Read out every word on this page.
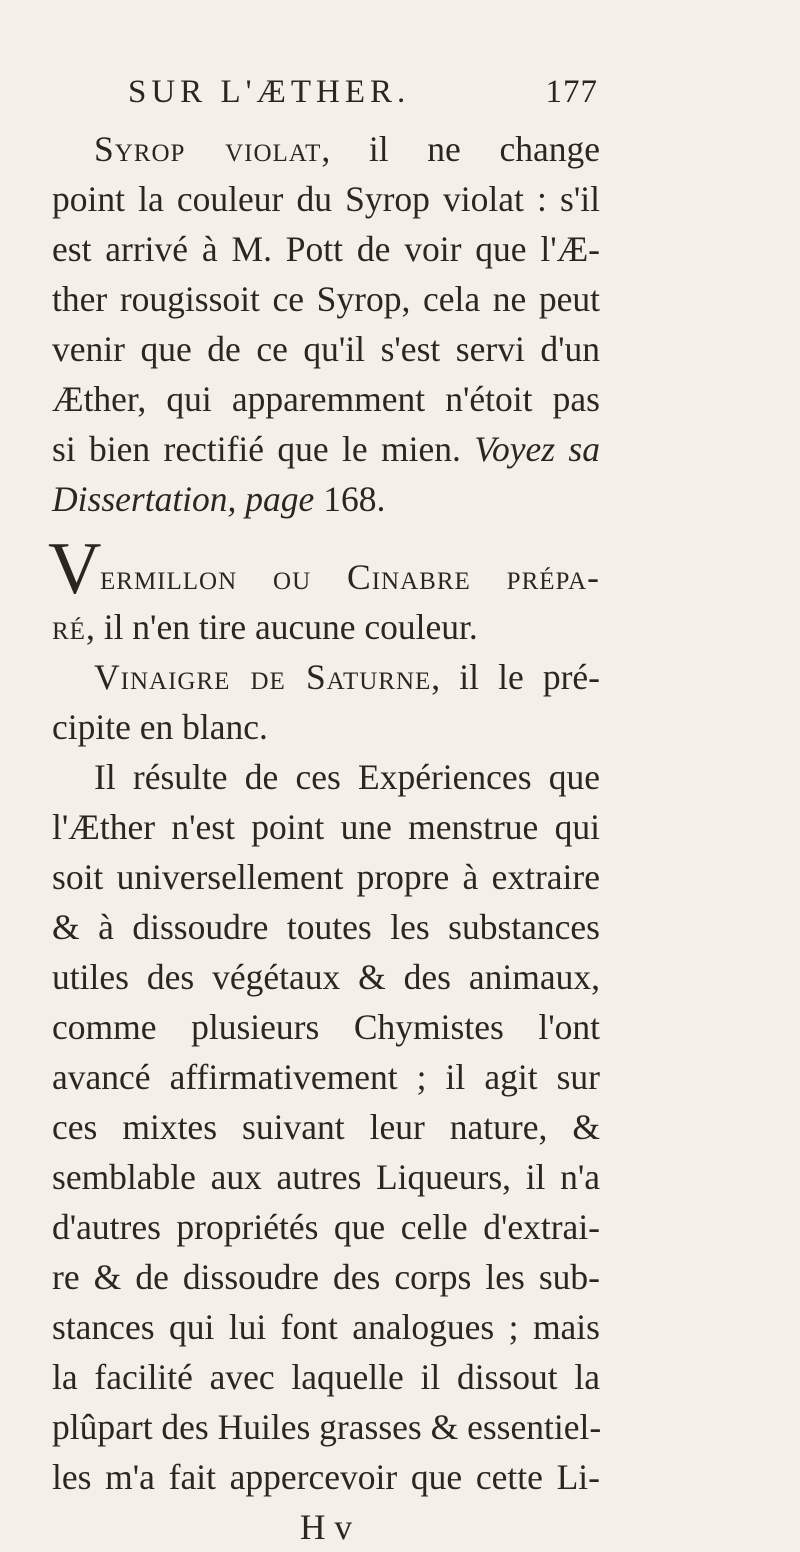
SUR L'ÆTHER.	177
Syrop violat, il ne change
point la couleur du Syrop violat : s'il
est arrivé à M. Pott de voir que l'Æ-
ther rougissoit ce Syrop, cela ne peut
venir que de ce qu'il s'est servi d'un
Æther, qui apparemment n'étoit pas
si bien rectifié que le mien. Voyez sa
Dissertation, page 168.
V
ermillon ou Cinabre prépa-
ré, il n'en tire aucune couleur.
Vinaigre de Saturne, il le pré-
cipite en blanc.
Il résulte de ces Expériences que
l'Æther n'est point une menstrue qui
soit universellement propre à extraire
& à dissoudre toutes les substances
utiles des végétaux & des animaux,
comme plusieurs Chymistes l'ont
avancé affirmativement ; il agit sur
ces mixtes suivant leur nature, &
semblable aux autres Liqueurs, il n'a
d'autres propriétés que celle d'extrai-
re & de dissoudre des corps les sub-
stances qui lui font analogues ; mais
la facilité avec laquelle il dissout la
plûpart des Huiles grasses & essentiel-
les m'a fait appercevoir que cette Li-
H v
